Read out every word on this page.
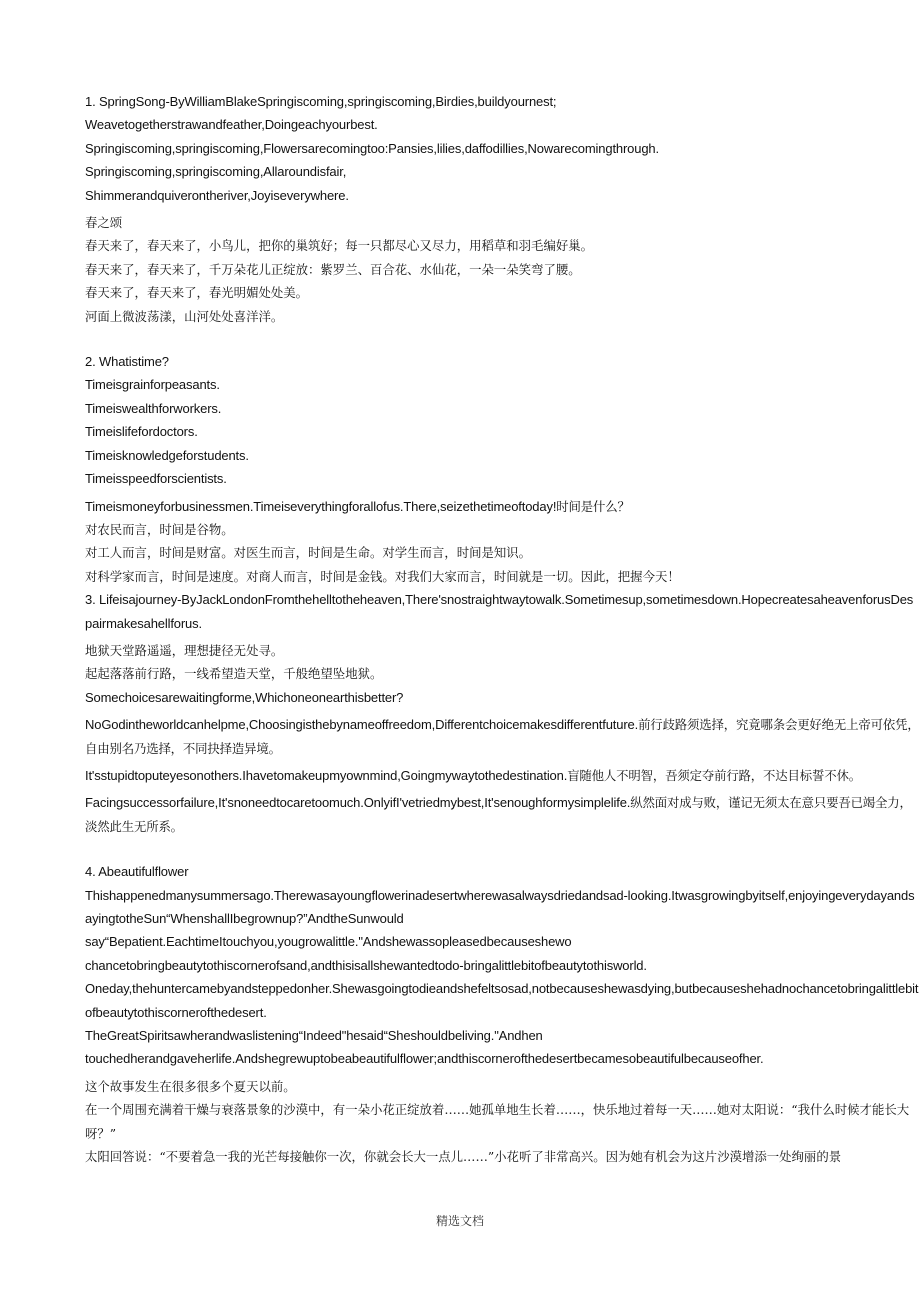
1. SpringSong-ByWilliamBlakeSpringiscoming,springiscoming,Birdies,buildyournest;
Weavetogetherstrawandfeather,Doingeachyourbest.
Springiscoming,springiscoming,Flowersarecomingtoo:Pansies,lilies,daffodillies,Nowarecomingthrough.
Springiscoming,springiscoming,Allaroundisfair,
Shimmerandquiverontheriver,Joyiseverywhere.
春之颂
春天来了，春天来了，小鸟儿，把你的巢筑好；每一只都尽心又尽力，用稻草和羽毛编好巢。
春天来了，春天来了，千万朵花儿正绽放：紫罗兰、百合花、水仙花，一朵一朵笑弯了腰。
春天来了，春天来了，春光明媚处处美。
河面上微波荡漾，山河处处喜洋洋。
2. Whatistime?
Timeisgrainforpeasants.
Timeiswealthforworkers.
Timeislifefordoctors.
Timeisknowledgeforstudents.
Timeisspeedforscientists.
Timeismoneyforbusinessmen.Timeiseverythingforallofus.There,seizethetimeoftoday!时间是什么？
对农民而言，时间是谷物。
对工人而言，时间是财富。对医生而言，时间是生命。对学生而言，时间是知识。
对科学家而言，时间是速度。对商人而言，时间是金钱。对我们大家而言，时间就是一切。因此，把握今天！
3. Lifeisajourney-ByJackLondonFromthehelltotheheaven,There'snostraightwaytowalk.Sometimesup,sometimesdown.HopecreatesaheavenforusDespairmakesahellforus.
地狱天堂路遥遥，理想捷径无处寻。
起起落落前行路，一线希望造天堂，千般绝望坠地狱。
Somechoicesarewaitingforme,Whichoneonearthisbetter?
NoGodintheworldcanhelpme,Choosingisthebynameoffreedom,Differentchoicemakesdifferentfuture.前行歧路须选择，究竟哪条会更好绝无上帝可依凭，自由别名乃选择，不同抉择造异境。
It'sstupidtoputeyesonothers.Ihavetomakeupmyownmind,Goingmywaytothedestination.盲随他人不明智，吾须定夺前行路，不达目标誓不休。
Facingsuccessorfailure,It'snoneedtocaretoomuch.OnlyifI'vetriedmybest,It'senoughformysimplelife.纵然面对成与败，谨记无须太在意只要吾已竭全力，淡然此生无所系。
4. Abeautifulflower
Thishappenedmanysummersago.Therewasayoungflowerinadesertwherewasalwaysdriedandsad-looking.Itwasgrowingbyitself,enjoyingeverydayandsayingtotheSun“WhenshallIbegrownup?”AndtheSunwould
say“Bepatient.EachtimeItouchyou,yougrowalittle."Andshewassopleasedbecauseshewo
chancetobringbeautytothiscornerofsand,andthisisallshewantedtodo-bringalittlebitofbeautytothisworld.
Oneday,thehuntercamebyandsteppedonher.Shewasgoingtodieandshefeltsosad,notbecauseshewasdying,butbecauseshehadnochancetobringalittlebitofbeautytothiscornerofthedesert.
TheGreatSpiritsawherandwaslistening“Indeed"hesaid“Sheshouldbeliving."Andhen
touchedherandgaveherlife.Andshegrewuptobeabeautifulflower;andthiscornerofthedesertbecamesobeautifulbecauseofher.
这个故事发生在很多很多个夏天以前。
在一个周围充满着干燥与衰落景象的沙漠中，有一朵小花正绽放着……她孤单地生长着……，快乐地过着每一天……她对太阳说：“我什么时候才能长大呀？”
太阳回答说：“不要着急一我的光芒每接触你一次，你就会长大一点儿……”小花听了非常高兴。因为她有机会为这片沙漠增添一处绚丽的景
精选文档
